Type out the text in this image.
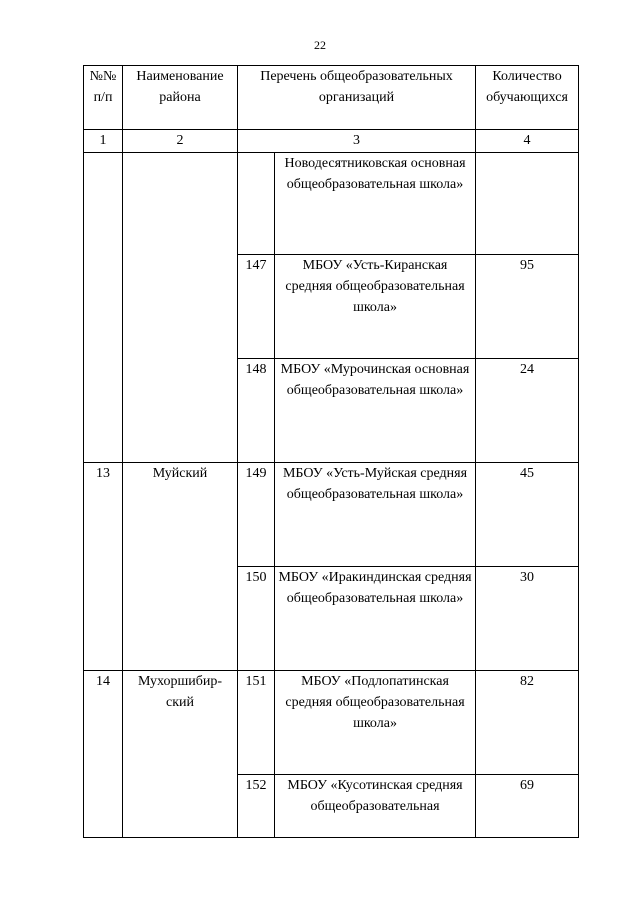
22
№№ п/п	Наименование района	Перечень общеобразовательных организаций		Количество обучающихся
1	2	3		4
			Новодесятниковская основная общеобразовательная школа»	
		147	МБОУ «Усть-Киранская средняя общеобразовательная школа»	95
		148	МБОУ «Мурочинская основная общеобразовательная школа»	24
13	Муйский	149	МБОУ «Усть-Муйская средняя общеобразовательная школа»	45
		150	МБОУ «Иракиндинская средняя общеобразовательная школа»	30
14	Мухоршибир-ский	151	МБОУ «Подлопатинская средняя общеобразовательная школа»	82
		152	МБОУ «Кусотинская средняя общеобразовательная	69
